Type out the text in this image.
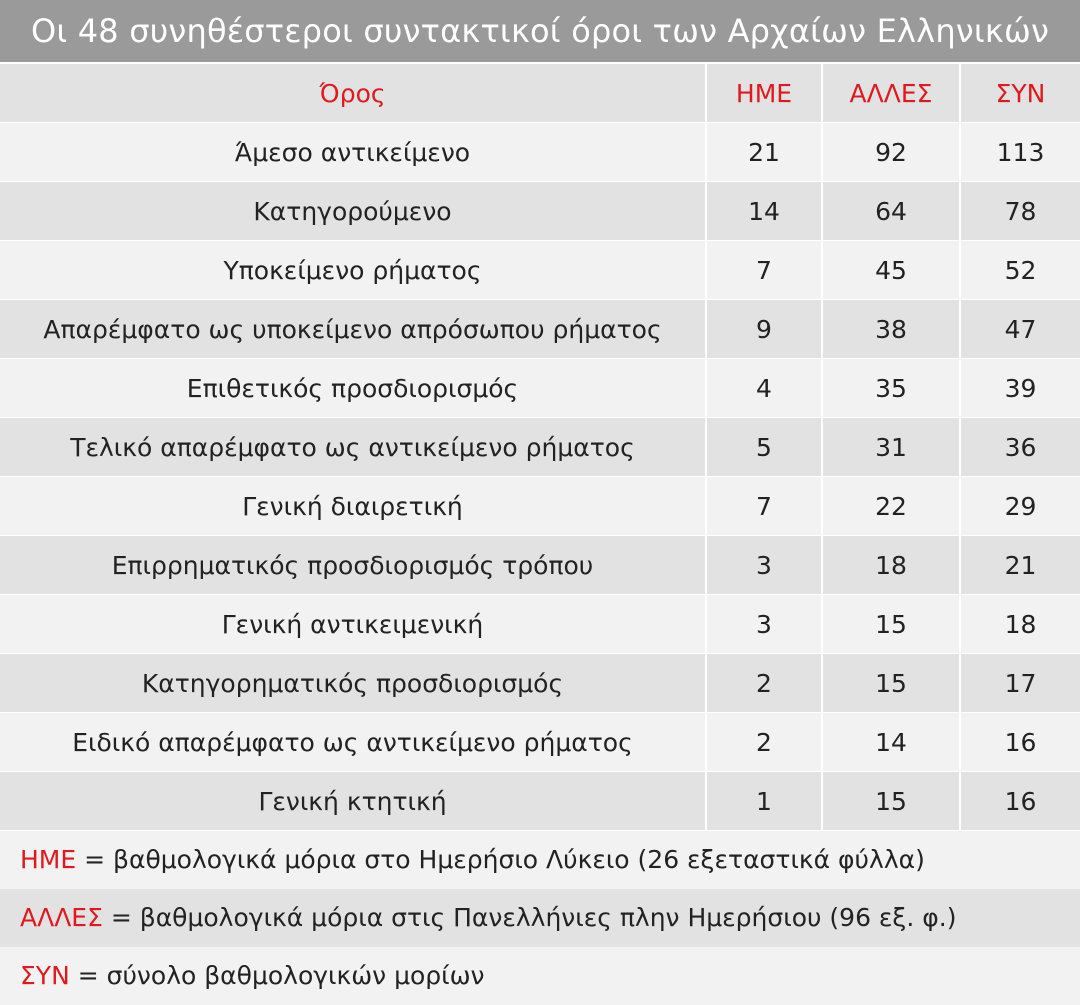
Οι 48 συνηθέστεροι συντακτικοί όροι των Αρχαίων Ελληνικών
Όρος	ΗΜΕ	ΑΛΛΕΣ	ΣΥΝ
Άμεσο αντικείμενο	21	92	113
Κατηγορούμενο	14	64	78
Υποκείμενο ρήματος	7	45	52
Απαρέμφατο ως υποκείμενο απρόσωπου ρήματος	9	38	47
Επιθετικός προσδιορισμός	4	35	39
Τελικό απαρέμφατο ως αντικείμενο ρήματος	5	31	36
Γενική διαιρετική	7	22	29
Επιρρηματικός προσδιορισμός τρόπου	3	18	21
Γενική αντικειμενική	3	15	18
Κατηγορηματικός προσδιορισμός	2	15	17
Ειδικό απαρέμφατο ως αντικείμενο ρήματος	2	14	16
Γενική κτητική	1	15	16
ΗΜΕ = βαθμολογικά μόρια στο Ημερήσιο Λύκειο (26 εξεταστικά φύλλα)
ΑΛΛΕΣ = βαθμολογικά μόρια στις Πανελλήνιες πλην Ημερήσιου (96 εξ. φ.)
ΣΥΝ = σύνολο βαθμολογικών μορίων
